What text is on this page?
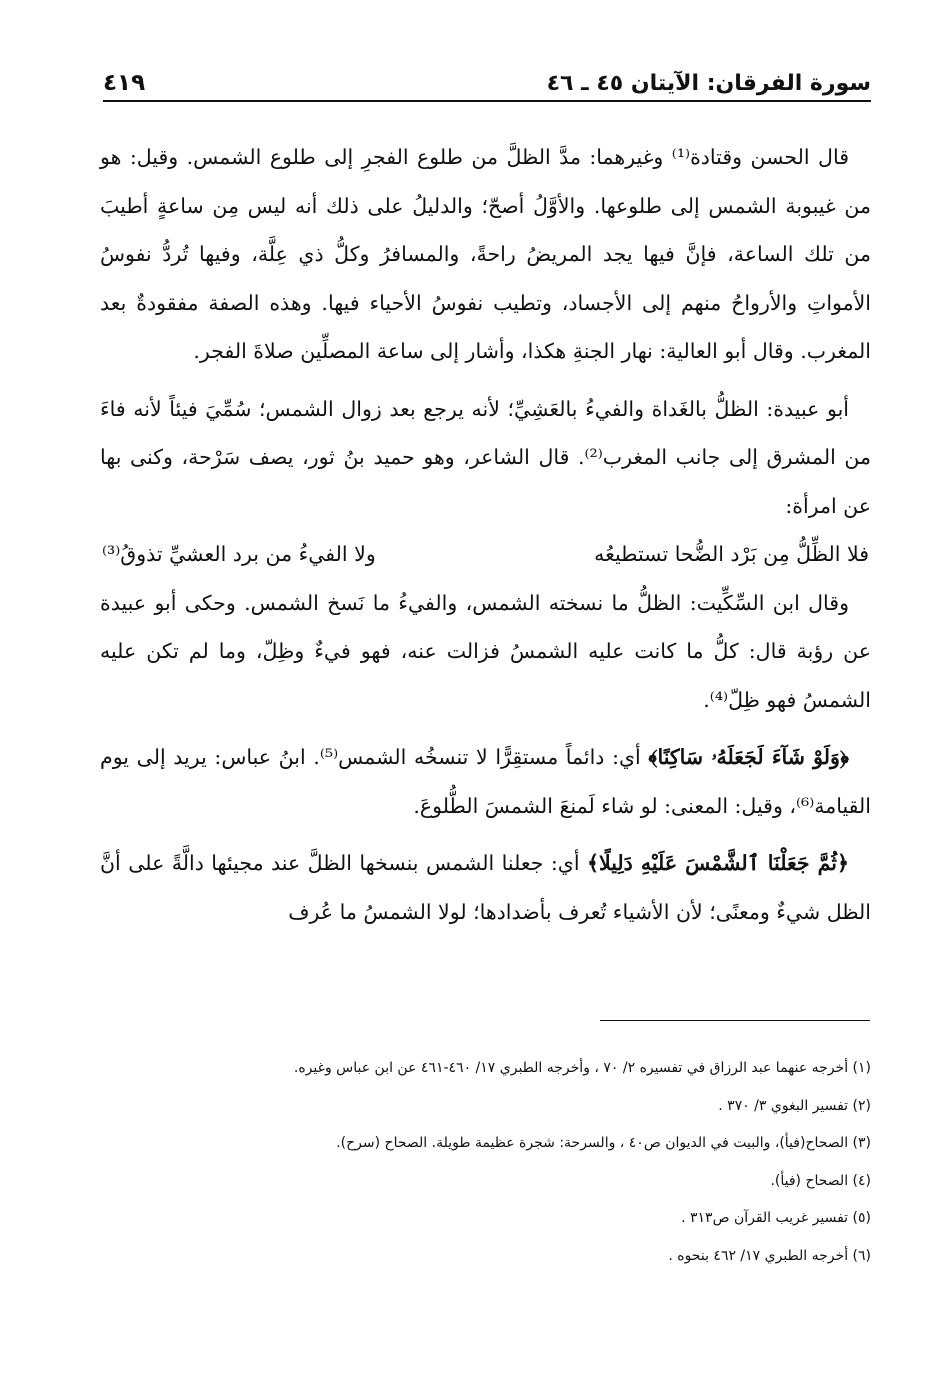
سورة الفرقان: الآيتان ٤٥ ـ ٤٦
٤١٩

قال الحسن وقتادة⁽¹⁾ وغيرهما: مدَّ الظلَّ من طلوع الفجرِ إلى طلوع الشمس. وقيل: هو من غيبوبة الشمس إلى طلوعها. والأوَّلُ أصحّ؛ والدليلُ على ذلك أنه ليس مِن ساعةٍ أطيبَ من تلك الساعة، فإنَّ فيها يجد المريضُ راحةً، والمسافرُ وكلُّ ذي عِلَّة، وفيها تُردُّ نفوسُ الأمواتِ والأرواحُ منهم إلى الأجساد، وتطيب نفوسُ الأحياء فيها. وهذه الصفة مفقودةٌ بعد المغرب. وقال أبو العالية: نهار الجنةِ هكذا، وأشار إلى ساعة المصلِّين صلاةَ الفجر.

أبو عبيدة: الظلُّ بالغَداة والفيءُ بالعَشِيِّ؛ لأنه يرجع بعد زوال الشمس؛ سُمِّيَ فيئاً لأنه فاءَ من المشرق إلى جانب المغرب⁽²⁾. قال الشاعر، وهو حميد بنُ ثور، يصف سَرْحة، وكنى بها عن امرأة:

فلا الظِّلُّ مِن بَرْد الضُّحا تستطيعُه
ولا الفيءُ من برد العشيِّ تذوقُ⁽³⁾

وقال ابن السِّكِّيت: الظلُّ ما نسخته الشمس، والفيءُ ما نَسخ الشمس. وحكى أبو عبيدة عن رؤبة قال: كلُّ ما كانت عليه الشمسُ فزالت عنه، فهو فيءٌ وظِلّ، وما لم تكن عليه الشمسُ فهو ظِلّ⁽⁴⁾.

﴿وَلَوْ شَآءَ لَجَعَلَهُۥ سَاكِنًا﴾ أي: دائماً مستقِرًّا لا تنسخُه الشمس⁽⁵⁾. ابنُ عباس: يريد إلى يوم القيامة⁽⁶⁾، وقيل: المعنى: لو شاء لَمنعَ الشمسَ الطُّلوعَ.

﴿ثُمَّ جَعَلْنَا ٱلشَّمْسَ عَلَيْهِ دَلِيلًا﴾ أي: جعلنا الشمس بنسخها الظلَّ عند مجيئها دالَّةً على أنَّ الظل شيءٌ ومعنًى؛ لأن الأشياء تُعرف بأضدادها؛ لولا الشمسُ ما عُرف

(١) أخرجه عنهما عبد الرزاق في تفسيره ٢/ ٧٠ ، وأخرجه الطبري ١٧/ ٤٦٠-٤٦١ عن ابن عباس وغيره.
(٢) تفسير البغوي ٣/ ٣٧٠ .
(٣) الصحاح(فيأ)، والبيت في الديوان ص٤٠ ، والسرحة: شجرة عظيمة طويلة. الصحاح (سرح).
(٤) الصحاح (فيأ).
(٥) تفسير غريب القرآن ص٣١٣ .
(٦) أخرجه الطبري ١٧/ ٤٦٢ بنحوه .
